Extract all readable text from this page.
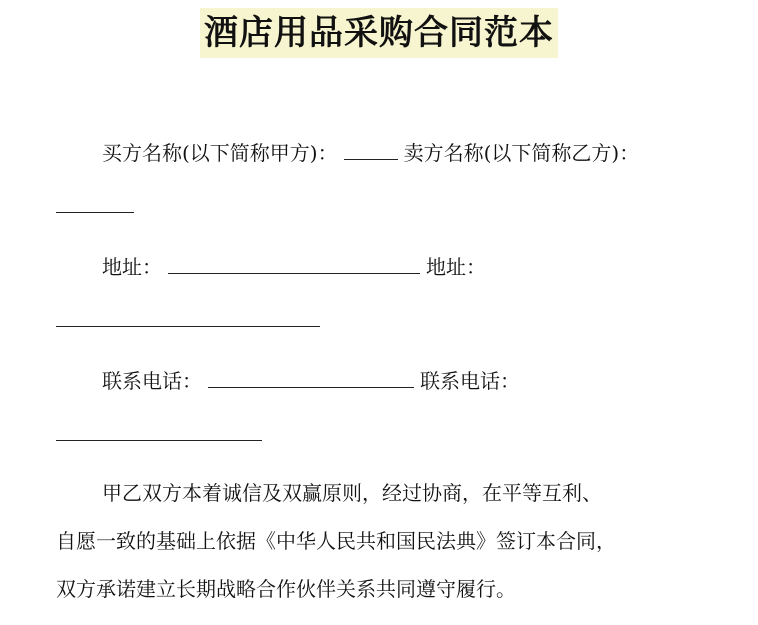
酒店用品采购合同范本
买方名称(以下简称甲方)：	卖方名称(以下简称乙方)：
地址：	地址：
联系电话：	联系电话：
甲乙双方本着诚信及双赢原则，经过协商，在平等互利、
自愿一致的基础上依据《中华人民共和国民法典》签订本合同，
双方承诺建立长期战略合作伙伴关系共同遵守履行。
